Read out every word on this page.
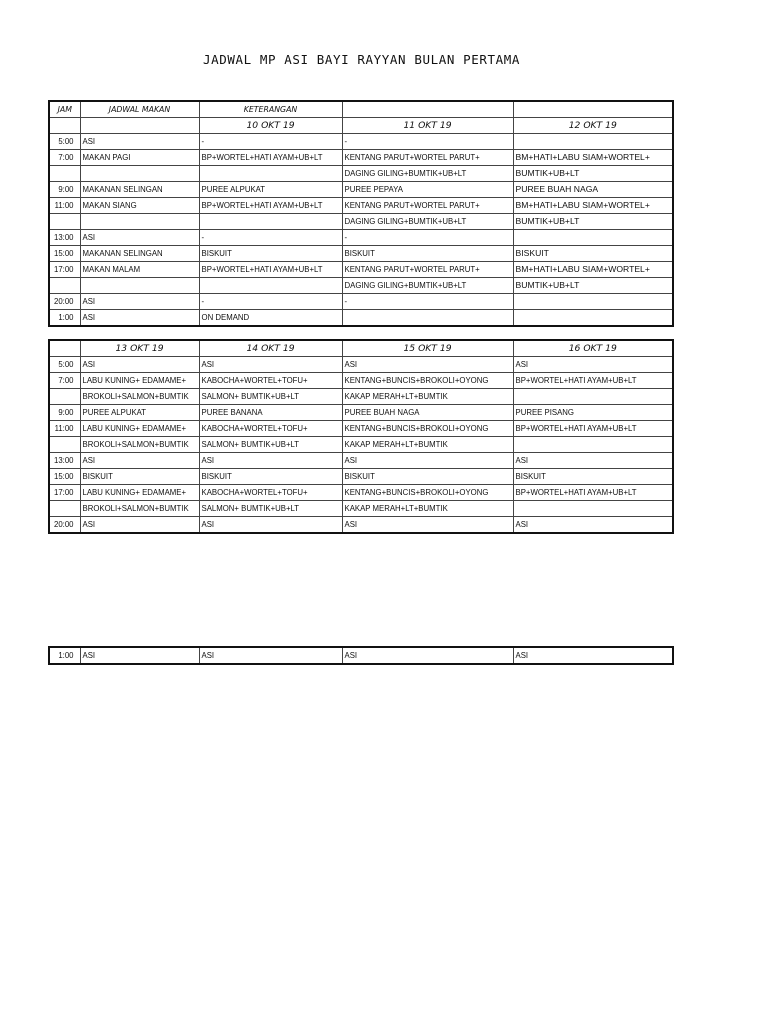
JADWAL MP ASI BAYI RAYYAN BULAN PERTAMA
JAM	JADWAL MAKAN	KETERANGAN		
		10 OKT 19	11 OKT 19	12 OKT 19
5:00	ASI	-	-	
7:00	MAKAN PAGI	BP+WORTEL+HATI AYAM+UB+LT	KENTANG PARUT+WORTEL PARUT+	BM+HATI+LABU SIAM+WORTEL+
			DAGING GILING+BUMTIK+UB+LT	BUMTIK+UB+LT
9:00	MAKANAN SELINGAN	PUREE ALPUKAT	PUREE PEPAYA	PUREE BUAH NAGA
11:00	MAKAN SIANG	BP+WORTEL+HATI AYAM+UB+LT	KENTANG PARUT+WORTEL PARUT+	BM+HATI+LABU SIAM+WORTEL+
			DAGING GILING+BUMTIK+UB+LT	BUMTIK+UB+LT
13:00	ASI	-	-	
15:00	MAKANAN SELINGAN	BISKUIT	BISKUIT	BISKUIT
17:00	MAKAN MALAM	BP+WORTEL+HATI AYAM+UB+LT	KENTANG PARUT+WORTEL PARUT+	BM+HATI+LABU SIAM+WORTEL+
			DAGING GILING+BUMTIK+UB+LT	BUMTIK+UB+LT
20:00	ASI	-	-	
1:00	ASI	ON DEMAND		
	13 OKT 19	14 OKT 19	15 OKT 19	16 OKT 19
5:00	ASI	ASI	ASI	ASI
7:00	LABU KUNING+ EDAMAME+	KABOCHA+WORTEL+TOFU+	KENTANG+BUNCIS+BROKOLI+OYONG	BP+WORTEL+HATI AYAM+UB+LT
	BROKOLI+SALMON+BUMTIK	SALMON+ BUMTIK+UB+LT	KAKAP MERAH+LT+BUMTIK	
9:00	PUREE ALPUKAT	PUREE BANANA	PUREE BUAH NAGA	PUREE PISANG
11:00	LABU KUNING+ EDAMAME+	KABOCHA+WORTEL+TOFU+	KENTANG+BUNCIS+BROKOLI+OYONG	BP+WORTEL+HATI AYAM+UB+LT
	BROKOLI+SALMON+BUMTIK	SALMON+ BUMTIK+UB+LT	KAKAP MERAH+LT+BUMTIK	
13:00	ASI	ASI	ASI	ASI
15:00	BISKUIT	BISKUIT	BISKUIT	BISKUIT
17:00	LABU KUNING+ EDAMAME+	KABOCHA+WORTEL+TOFU+	KENTANG+BUNCIS+BROKOLI+OYONG	BP+WORTEL+HATI AYAM+UB+LT
	BROKOLI+SALMON+BUMTIK	SALMON+ BUMTIK+UB+LT	KAKAP MERAH+LT+BUMTIK	
20:00	ASI	ASI	ASI	ASI
1:00	ASI	ASI	ASI	ASI
